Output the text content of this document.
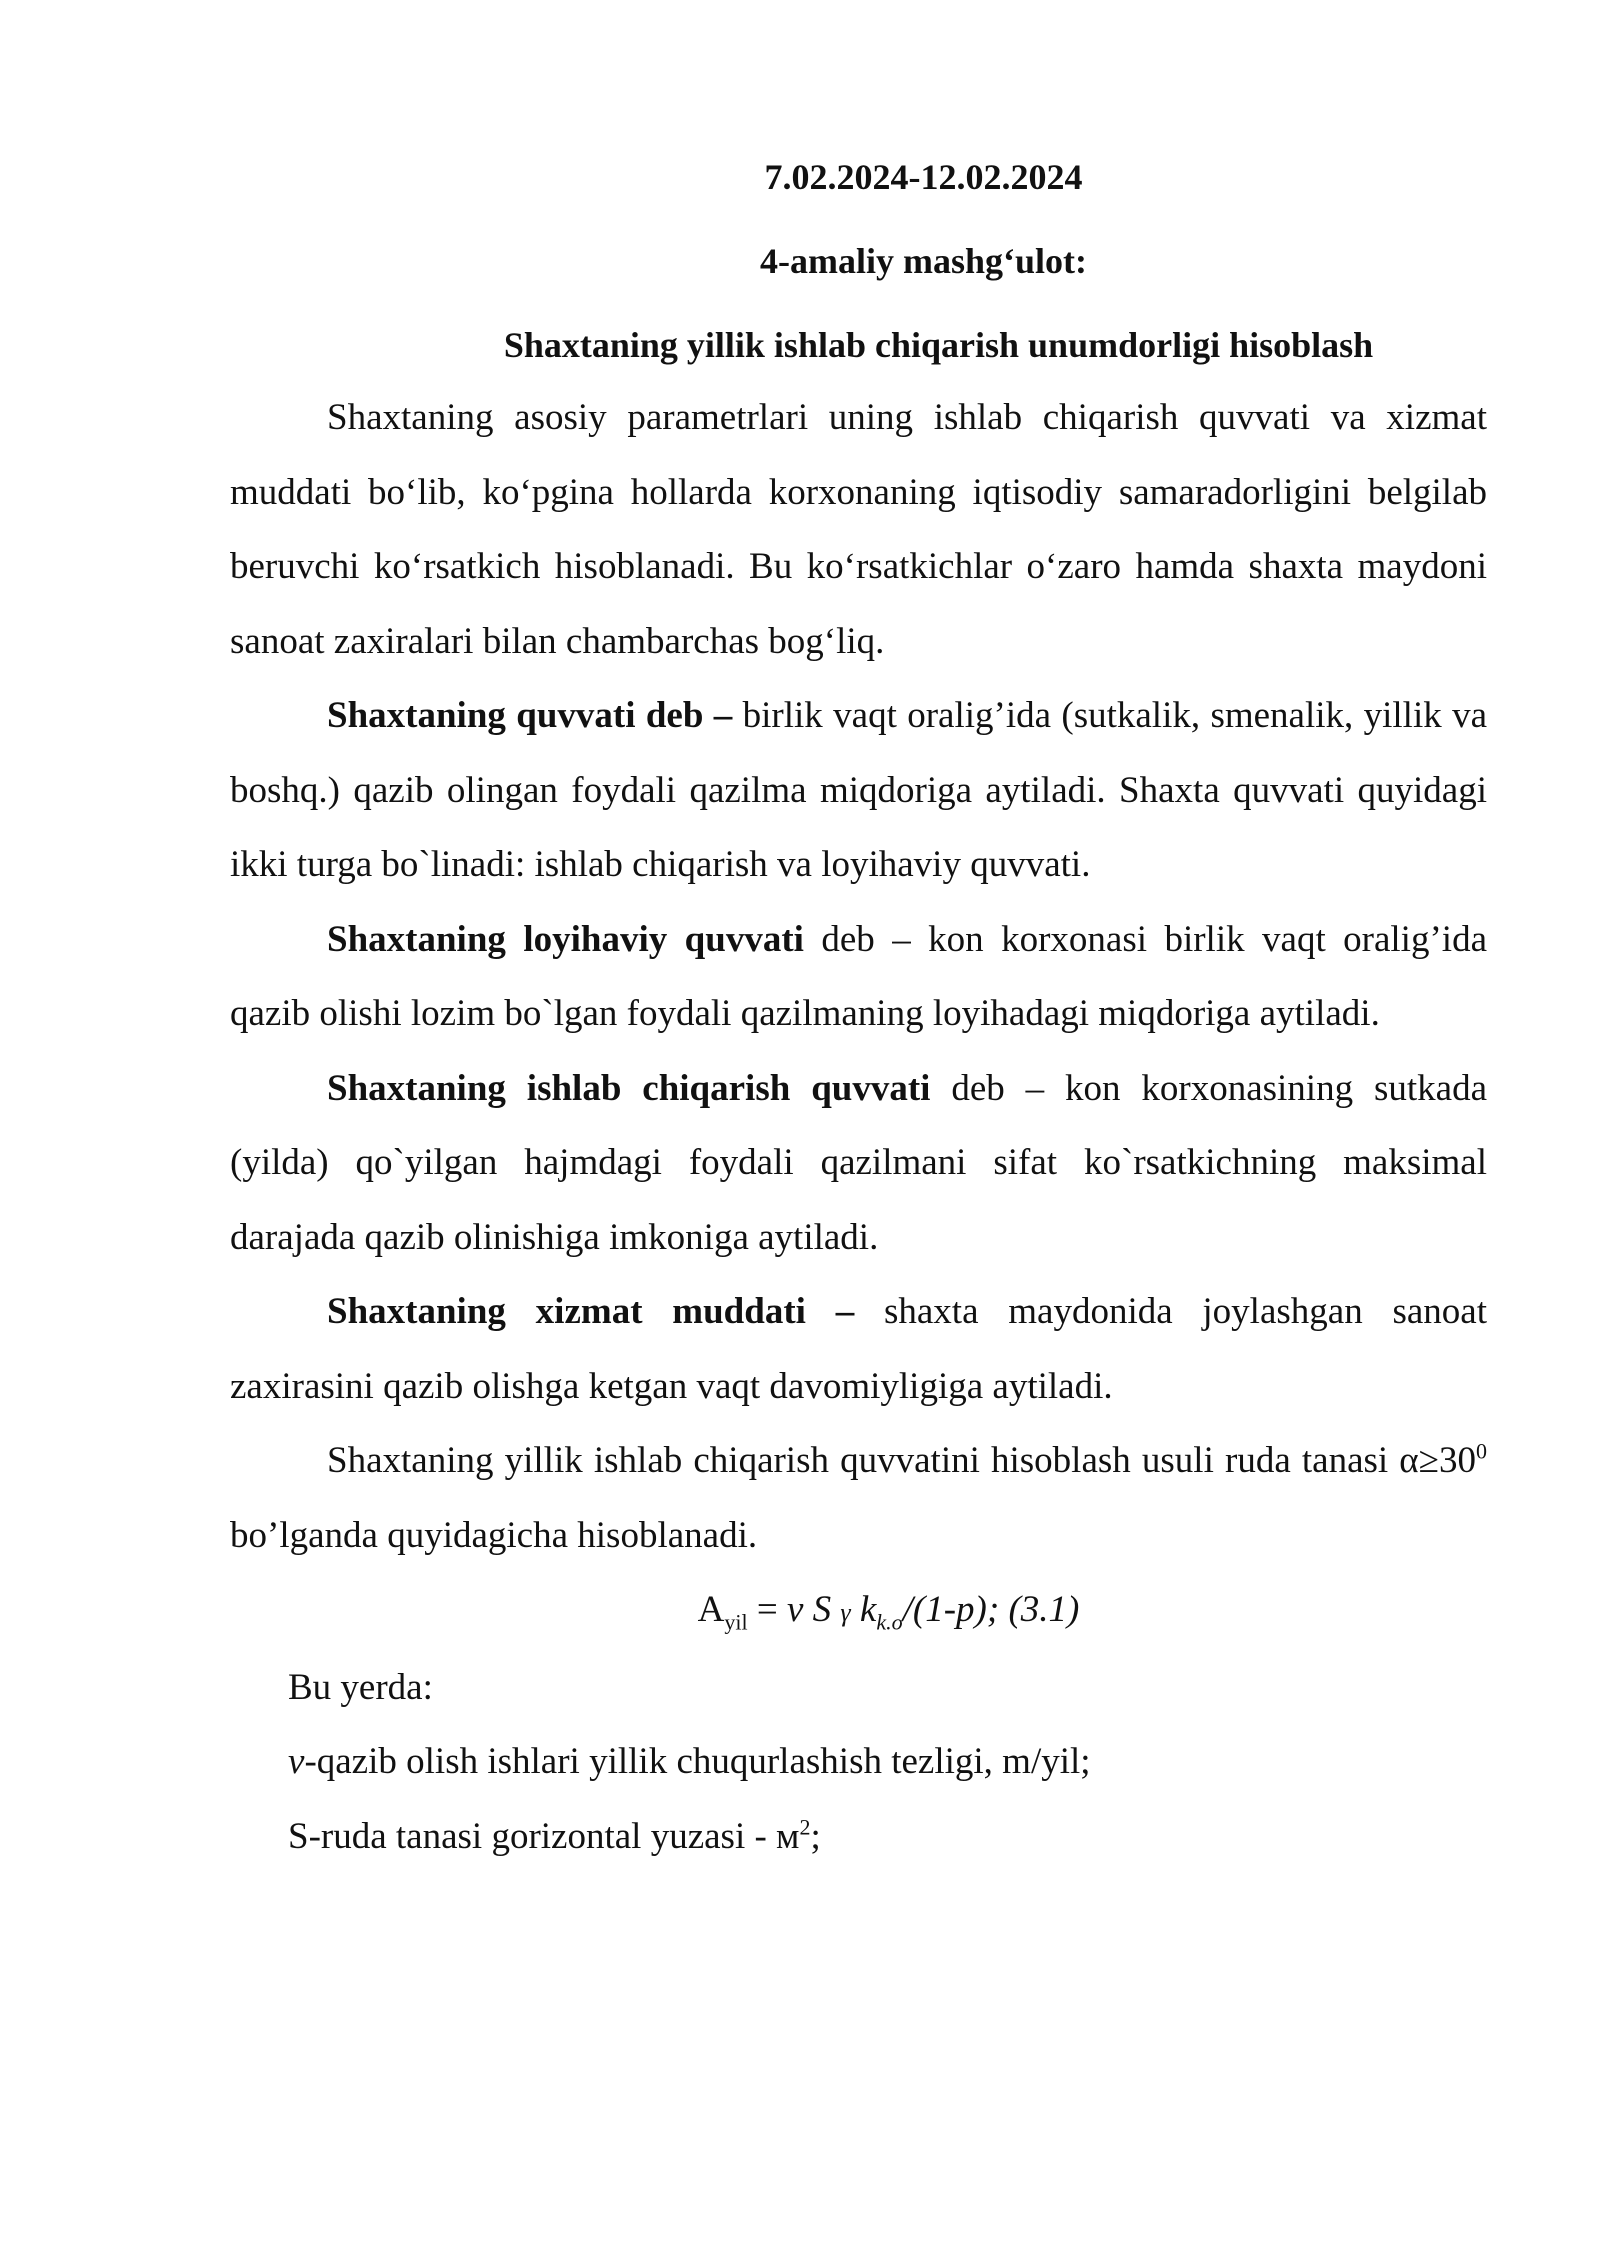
7.02.2024-12.02.2024

4-amaliy mashg‘ulot:

Shaxtaning yillik ishlab chiqarish unumdorligi hisoblash

Shaxtaning asosiy parametrlari uning ishlab chiqarish quvvati va xizmat muddati bo‘lib, ko‘pgina hollarda korxonaning iqtisodiy samaradorligini belgilab beruvchi ko‘rsatkich hisoblanadi. Bu ko‘rsatkichlar o‘zaro hamda shaxta maydoni sanoat zaxiralari bilan chambarchas bog‘liq.

Shaxtaning quvvati deb – birlik vaqt oralig’ida (sutkalik, smenalik, yillik va boshq.) qazib olingan foydali qazilma miqdoriga aytiladi. Shaxta quvvati quyidagi ikki turga bo`linadi: ishlab chiqarish va loyihaviy quvvati.

Shaxtaning loyihaviy quvvati deb – kon korxonasi birlik vaqt oralig’ida qazib olishi lozim bo`lgan foydali qazilmaning loyihadagi miqdoriga aytiladi.

Shaxtaning ishlab chiqarish quvvati deb – kon korxonasining sutkada (yilda) qo`yilgan hajmdagi foydali qazilmani sifat ko`rsatkichning maksimal darajada qazib olinishiga imkoniga aytiladi.

Shaxtaning xizmat muddati – shaxta maydonida joylashgan sanoat zaxirasini qazib olishga ketgan vaqt davomiyligiga aytiladi.

Shaxtaning yillik ishlab chiqarish quvvatini hisoblash usuli ruda tanasi $\alpha\ge 30^0$ bo’lganda quyidagicha hisoblanadi.

$A_{yil} = v$ S γ $k_{k.o}/(1-p)$; (3.1)

Bu yerda:

v-qazib olish ishlari yillik chuqurlashish tezligi, m/yil;

S-ruda tanasi gorizontal yuzasi - $м^2$;
